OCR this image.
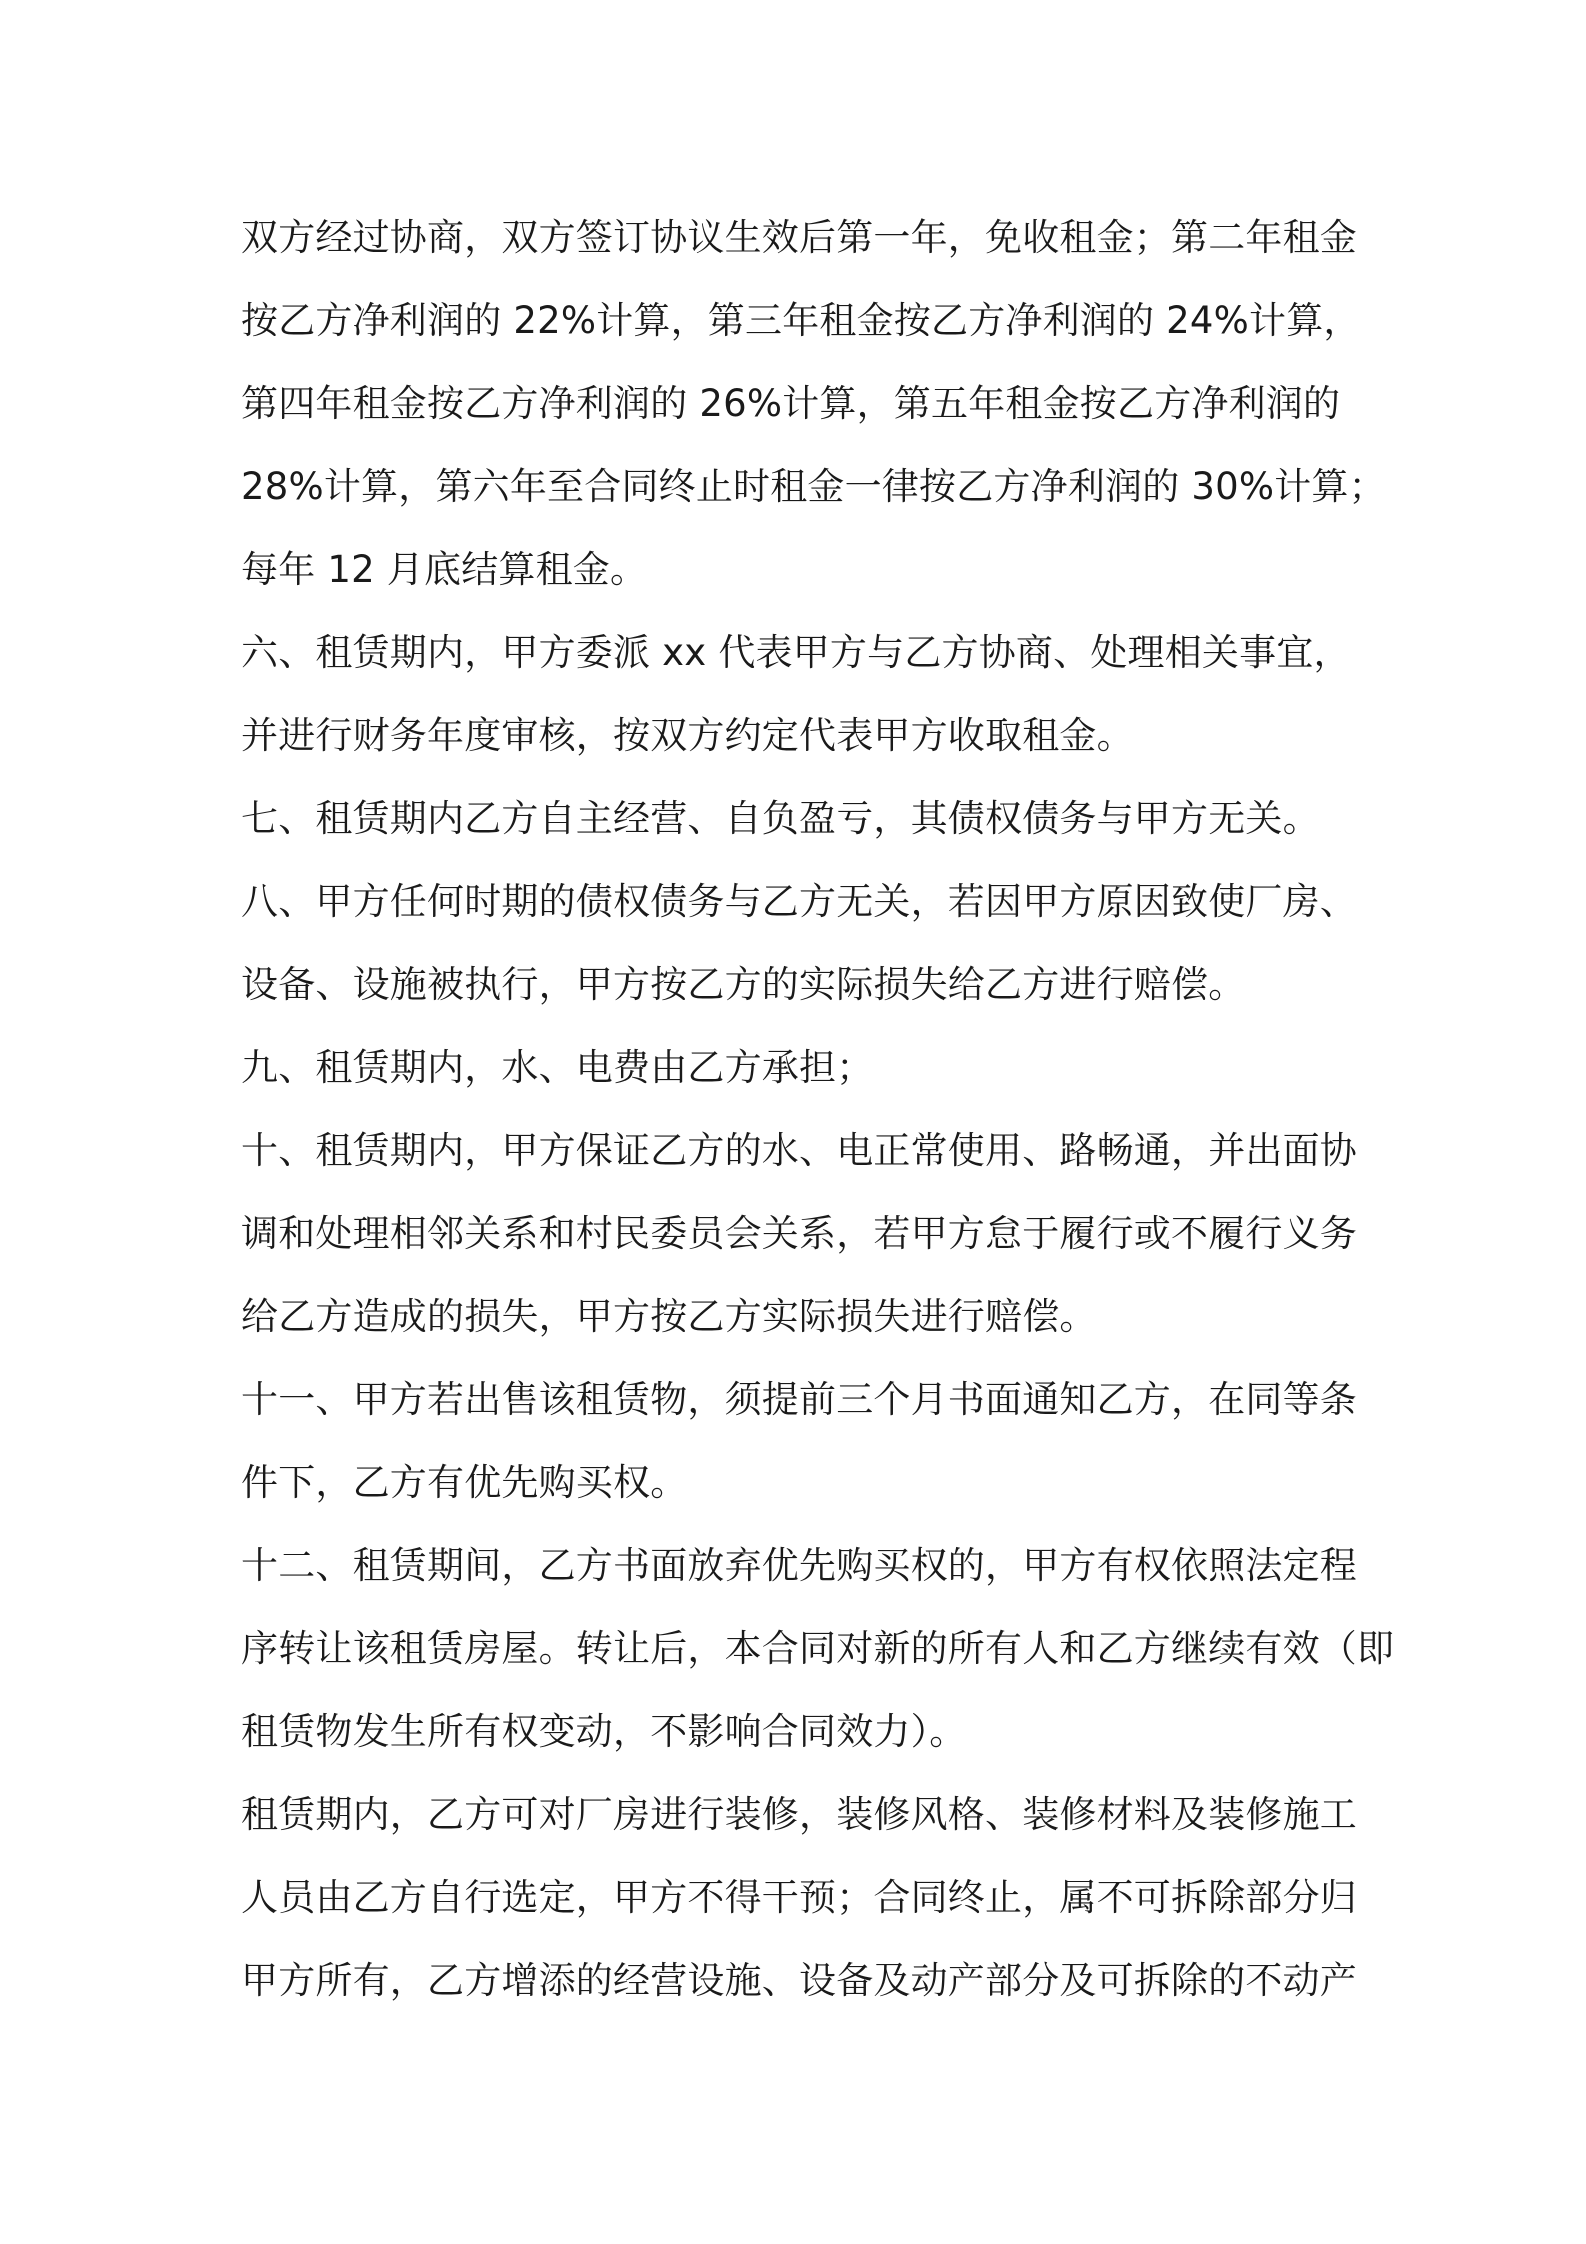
双方经过协商，双方签订协议生效后第一年，免收租金；第二年租金
按乙方净利润的 22%计算，第三年租金按乙方净利润的 24%计算，
第四年租金按乙方净利润的 26%计算，第五年租金按乙方净利润的
28%计算，第六年至合同终止时租金一律按乙方净利润的 30%计算；
每年 12 月底结算租金。

六、租赁期内，甲方委派 xx 代表甲方与乙方协商、处理相关事宜，
并进行财务年度审核，按双方约定代表甲方收取租金。

七、租赁期内乙方自主经营、自负盈亏，其债权债务与甲方无关。

八、甲方任何时期的债权债务与乙方无关，若因甲方原因致使厂房、
设备、设施被执行，甲方按乙方的实际损失给乙方进行赔偿。

九、租赁期内，水、电费由乙方承担；

十、租赁期内，甲方保证乙方的水、电正常使用、路畅通，并出面协
调和处理相邻关系和村民委员会关系，若甲方怠于履行或不履行义务
给乙方造成的损失，甲方按乙方实际损失进行赔偿。

十一、甲方若出售该租赁物，须提前三个月书面通知乙方，在同等条
件下，乙方有优先购买权。

十二、租赁期间，乙方书面放弃优先购买权的，甲方有权依照法定程
序转让该租赁房屋。转让后，本合同对新的所有人和乙方继续有效（即
租赁物发生所有权变动，不影响合同效力）。

租赁期内，乙方可对厂房进行装修，装修风格、装修材料及装修施工
人员由乙方自行选定，甲方不得干预；合同终止，属不可拆除部分归
甲方所有，乙方增添的经营设施、设备及动产部分及可拆除的不动产
